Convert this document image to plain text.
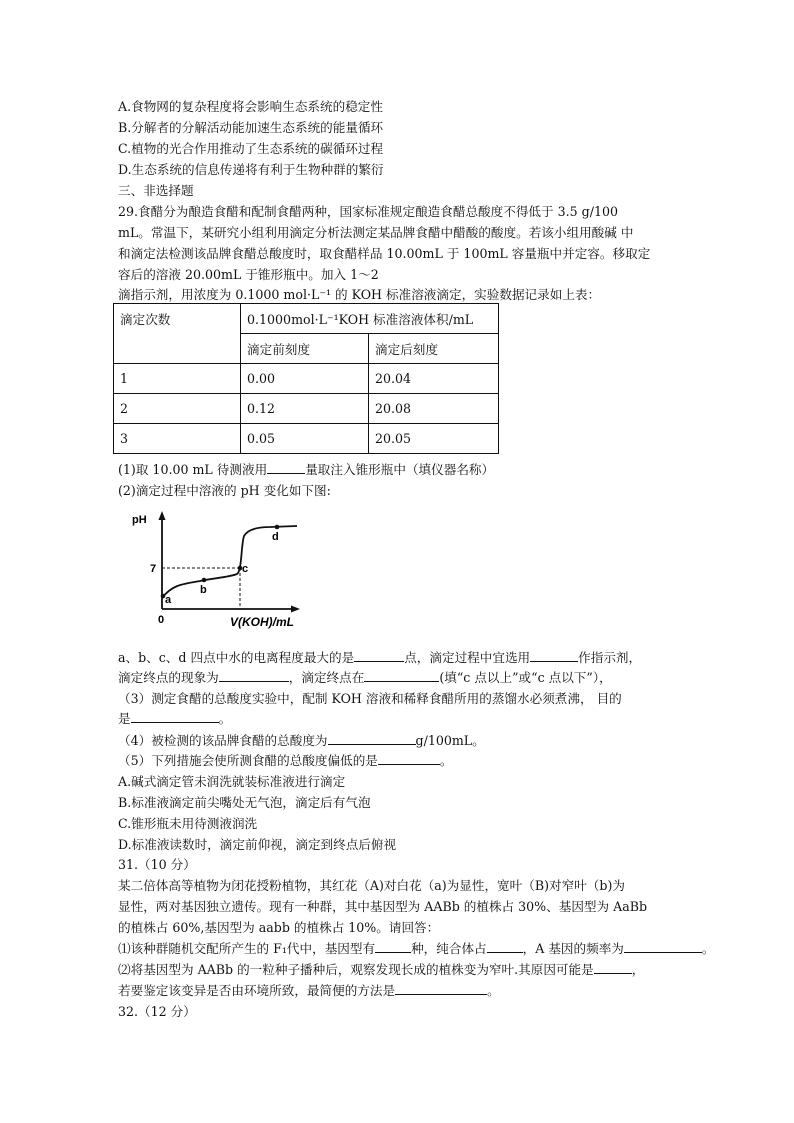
A.食物网的复杂程度将会影响生态系统的稳定性
B.分解者的分解活动能加速生态系统的能量循环
C.植物的光合作用推动了生态系统的碳循环过程
D.生态系统的信息传递将有利于生物种群的繁衍
三、非选择题
29.食醋分为酿造食醋和配制食醋两种，国家标准规定酿造食醋总酸度不得低于 3.5 g/100
mL。常温下，某研究小组利用滴定分析法测定某品牌食醋中醋酸的酸度。若该小组用酸碱 中
和滴定法检测该品牌食醋总酸度时，取食醋样品 10.00mL 于 100mL 容量瓶中并定容。移取定
容后的溶液 20.00mL 于锥形瓶中。加入 1～2
滴指示剂，用浓度为 0.1000 mol·L⁻¹ 的 KOH 标准溶液滴定，实验数据记录如上表：
滴定次数	0.1000mol·L⁻¹KOH 标准溶液体积/mL	
	滴定前刻度	滴定后刻度
1	0.00	20.04
2	0.12	20.08
3	0.05	20.05
(1)取 10.00 mL 待测液用	量取注入锥形瓶中（填仪器名称）
(2)滴定过程中溶液的 pH 变化如下图:
pH
V(KOH)/mL
0
7
a
b
c
d
a、b、c、d 四点中水的电离程度最大的是	点，滴定过程中宜选用	作指示剂，
滴定终点的现象为	，滴定终点在	(填“c 点以上”或“c 点以下”），
（3）测定食醋的总酸度实验中，配制 KOH 溶液和稀释食醋所用的蒸馏水必须煮沸， 目的
是	。
（4）被检测的该品牌食醋的总酸度为	g/100mL。
（5）下列措施会使所测食醋的总酸度偏低的是	。
A.碱式滴定管未润洗就装标准液进行滴定
B.标准液滴定前尖嘴处无气泡，滴定后有气泡
C.锥形瓶未用待测液润洗
D.标准液读数时，滴定前仰视，滴定到终点后俯视
31.（10 分）
某二倍体高等植物为闭花授粉植物，其红花（A)对白花（a)为显性，宽叶（B)对窄叶（b)为
显性，两对基因独立遗传。现有一种群，其中基因型为 AABb 的植株占 30%、基因型为 AaBb
的植株占 60%,基因型为 aabb 的植株占 10%。请回答：
⑴该种群随机交配所产生的 F₁代中，基因型有	种，纯合体占	，A 基因的频率为	。
⑵将基因型为 AABb 的一粒种子播种后，观察发现长成的植株变为窄叶.其原因可能是	，
若要鉴定该变异是否由环境所致，最简便的方法是	。
32.（12 分）
